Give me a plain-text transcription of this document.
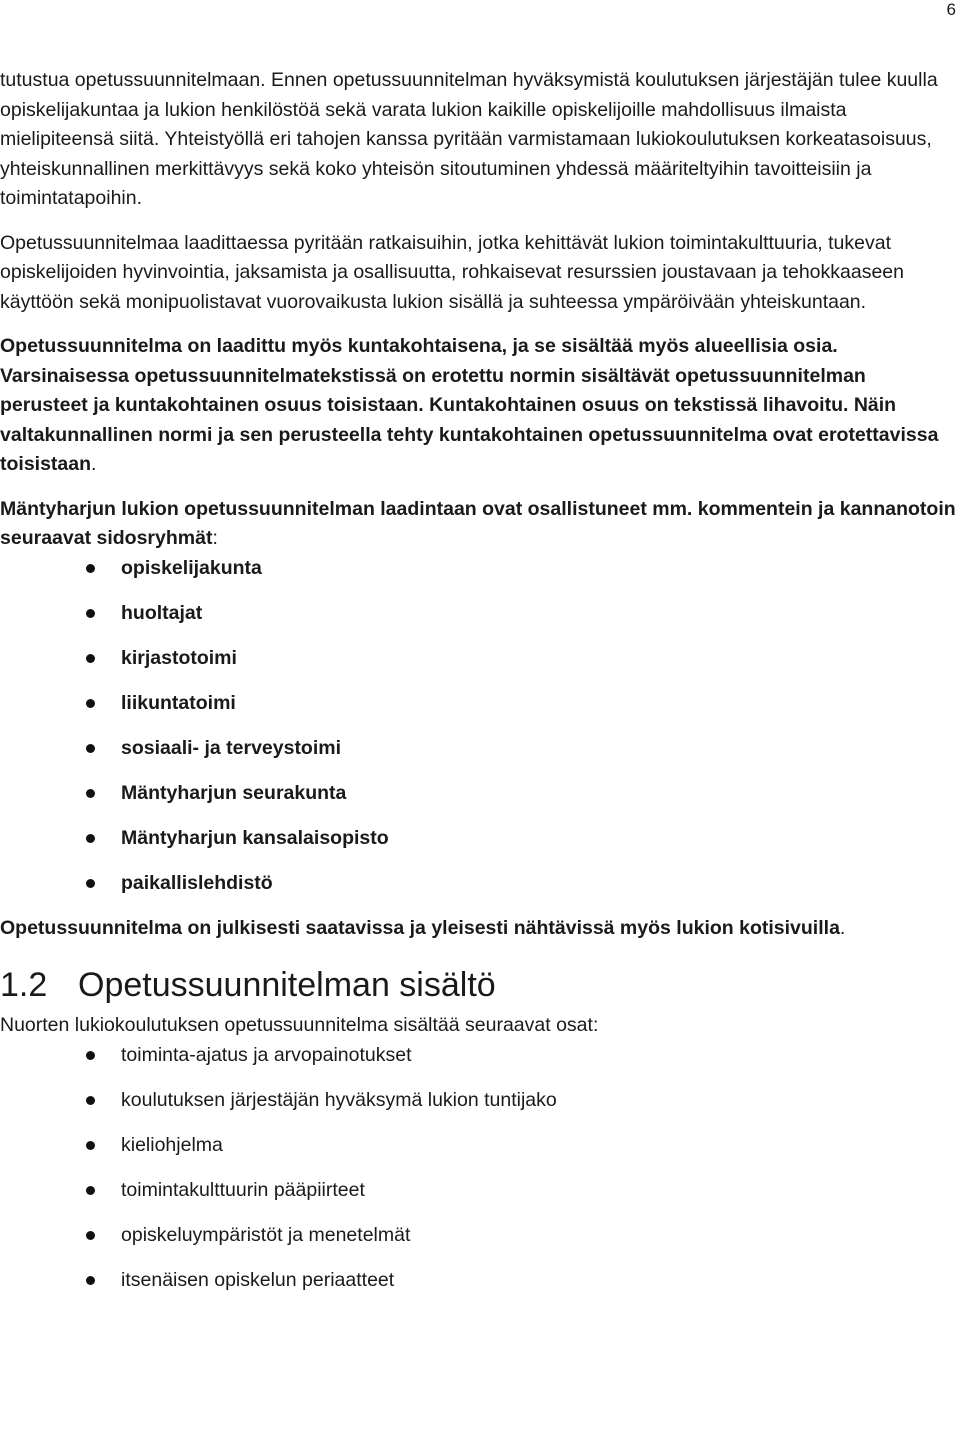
6

tutustua opetussuunnitelmaan. Ennen opetussuunnitelman hyväksymistä koulutuksen järjestäjän tulee kuulla opiskelijakuntaa ja lukion henkilöstöä sekä varata lukion kaikille opiskelijoille mahdollisuus ilmaista mielipiteensä siitä. Yhteistyöllä eri tahojen kanssa pyritään varmistamaan lukiokoulutuksen korkeatasoisuus, yhteiskunnallinen merkittävyys sekä koko yhteisön sitoutuminen yhdessä määriteltyihin tavoitteisiin ja toimintatapoihin.

Opetussuunnitelmaa laadittaessa pyritään ratkaisuihin, jotka kehittävät lukion toimintakulttuuria, tukevat opiskelijoiden hyvinvointia, jaksamista ja osallisuutta, rohkaisevat resurssien joustavaan ja tehokkaaseen käyttöön sekä monipuolistavat vuorovaikusta lukion sisällä ja suhteessa ympäröivään yhteiskuntaan.

Opetussuunnitelma on laadittu myös kuntakohtaisena, ja se sisältää myös alueellisia osia. Varsinaisessa opetussuunnitelmatekstissä on erotettu normin sisältävät opetussuunnitelman perusteet ja kuntakohtainen osuus toisistaan. Kuntakohtainen osuus on tekstissä lihavoitu. Näin valtakunnallinen normi ja sen perusteella tehty kuntakohtainen opetussuunnitelma ovat erotettavissa toisistaan.

Mäntyharjun lukion opetussuunnitelman laadintaan ovat osallistuneet mm. kommentein ja kannanotoin seuraavat sidosryhmät:

opiskelijakunta
huoltajat
kirjastotoimi
liikuntatoimi
sosiaali- ja terveystoimi
Mäntyharjun seurakunta
Mäntyharjun kansalaisopisto
paikallislehdistö

Opetussuunnitelma on julkisesti saatavissa ja yleisesti nähtävissä myös lukion kotisivuilla.

1.2 Opetussuunnitelman sisältö

Nuorten lukiokoulutuksen opetussuunnitelma sisältää seuraavat osat:

toiminta-ajatus ja arvopainotukset
koulutuksen järjestäjän hyväksymä lukion tuntijako
kieliohjelma
toimintakulttuurin pääpiirteet
opiskeluympäristöt ja menetelmät
itsenäisen opiskelun periaatteet
